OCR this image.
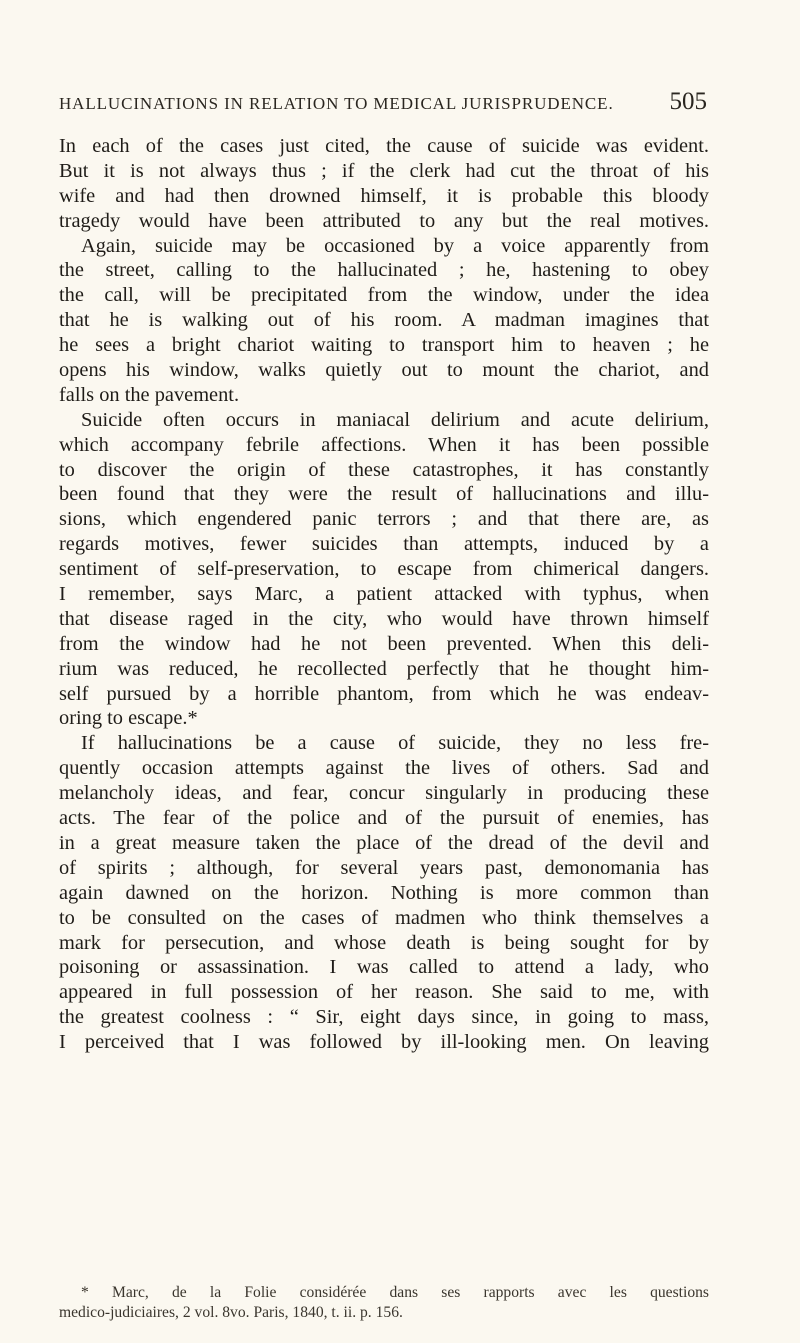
HALLUCINATIONS IN RELATION TO MEDICAL JURISPRUDENCE. 505
In each of the cases just cited, the cause of suicide was evident.
But it is not always thus ; if the clerk had cut the throat of his
wife and had then drowned himself, it is probable this bloody
tragedy would have been attributed to any but the real motives.
Again, suicide may be occasioned by a voice apparently from
the street, calling to the hallucinated ; he, hastening to obey
the call, will be precipitated from the window, under the idea
that he is walking out of his room. A madman imagines that
he sees a bright chariot waiting to transport him to heaven ; he
opens his window, walks quietly out to mount the chariot, and
falls on the pavement.
Suicide often occurs in maniacal delirium and acute delirium,
which accompany febrile affections. When it has been possible
to discover the origin of these catastrophes, it has constantly
been found that they were the result of hallucinations and illu-
sions, which engendered panic terrors ; and that there are, as
regards motives, fewer suicides than attempts, induced by a
sentiment of self-preservation, to escape from chimerical dangers.
I remember, says Marc, a patient attacked with typhus, when
that disease raged in the city, who would have thrown himself
from the window had he not been prevented. When this deli-
rium was reduced, he recollected perfectly that he thought him-
self pursued by a horrible phantom, from which he was endeav-
oring to escape.*
If hallucinations be a cause of suicide, they no less fre-
quently occasion attempts against the lives of others. Sad and
melancholy ideas, and fear, concur singularly in producing these
acts. The fear of the police and of the pursuit of enemies, has
in a great measure taken the place of the dread of the devil and
of spirits ; although, for several years past, demonomania has
again dawned on the horizon. Nothing is more common than
to be consulted on the cases of madmen who think themselves a
mark for persecution, and whose death is being sought for by
poisoning or assassination. I was called to attend a lady, who
appeared in full possession of her reason. She said to me, with
the greatest coolness : “ Sir, eight days since, in going to mass,
I perceived that I was followed by ill-looking men. On leaving
* Marc, de la Folie considérée dans ses rapports avec les questions
medico-judiciaires, 2 vol. 8vo. Paris, 1840, t. ii. p. 156.
